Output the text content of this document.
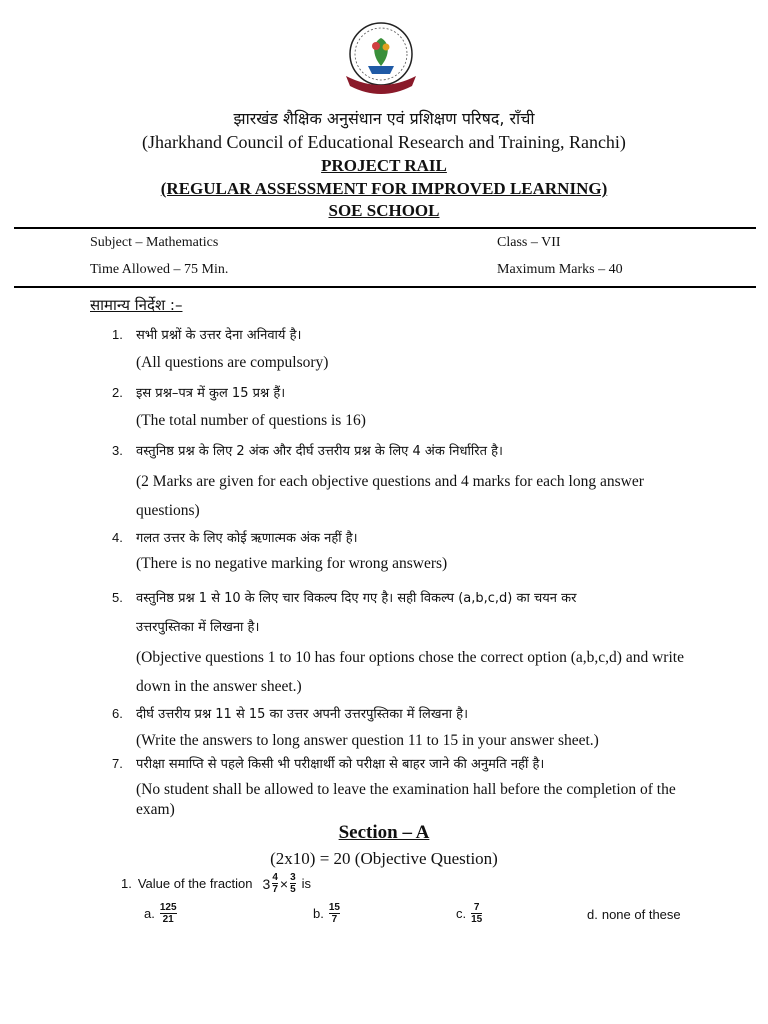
झारखंड शैक्षिक अनुसंधान एवं प्रशिक्षण परिषद, राँची
(Jharkhand Council of Educational Research and Training, Ranchi)
PROJECT RAIL
(REGULAR ASSESSMENT FOR IMPROVED LEARNING)
SOE SCHOOL
Subject – Mathematics	Class – VII
Time Allowed – 75 Min.	Maximum Marks – 40
सामान्य निर्देश :–
1. सभी प्रश्नों के उत्तर देना अनिवार्य है।
(All questions are compulsory)
2. इस प्रश्न–पत्र में कुल 15 प्रश्न हैं।
(The total number of questions is 16)
3. वस्तुनिष्ठ प्रश्न के लिए 2 अंक और दीर्घ उत्तरीय प्रश्न के लिए 4 अंक निर्धारित है।
(2 Marks are given for each objective questions and 4 marks for each long answer questions)
4. गलत उत्तर के लिए कोई ऋणात्मक अंक नहीं है।
(There is no negative marking for wrong answers)
5. वस्तुनिष्ठ प्रश्न 1 से 10 के लिए चार विकल्प दिए गए है। सही विकल्प (a,b,c,d) का चयन कर
उत्तरपुस्तिका में लिखना है।
(Objective questions 1 to 10 has four options chose the correct option (a,b,c,d) and write down in the answer sheet.)
6. दीर्घ उत्तरीय प्रश्न 11 से 15 का उत्तर अपनी उत्तरपुस्तिका में लिखना है।
(Write the answers to long answer question 11 to 15 in your answer sheet.)
7. परीक्षा समाप्ति से पहले किसी भी परीक्षार्थी को परीक्षा से बाहर जाने की अनुमति नहीं है।
(No student shall be allowed to leave the examination hall before the completion of the exam)
Section – A
(2x10) = 20 (Objective Question)
1. Value of the fraction $3 \frac{4}{7} \times \frac{3}{5}$ is
a. $\frac{125}{21}$	b. $\frac{15}{7}$	c. $\frac{7}{15}$	d. none of these
